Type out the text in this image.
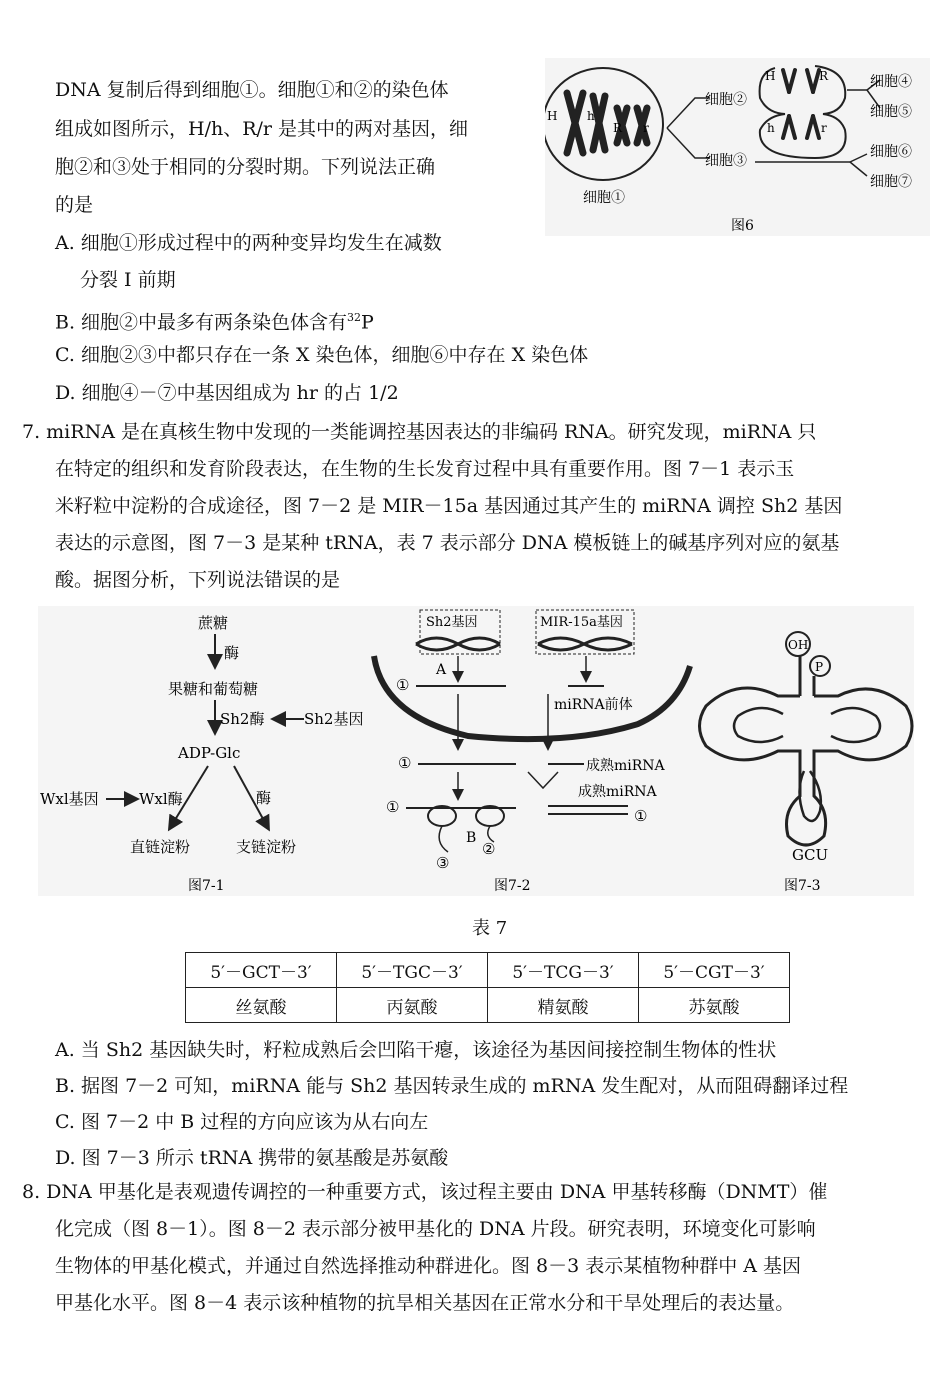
DNA 复制后得到细胞①。细胞①和②的染色体
组成如图所示，H/h、R/r 是其中的两对基因，细
胞②和③处于相同的分裂时期。下列说法正确
的是
A. 细胞①形成过程中的两种变异均发生在减数
分裂 I 前期
B. 细胞②中最多有两条染色体含有$^{32}$P
C. 细胞②③中都只存在一条 X 染色体，细胞⑥中存在 X 染色体
D. 细胞④－⑦中基因组成为 hr 的占 1/2
H h
R r
细胞①
细胞②
细胞③
H	R
h	r
细胞④
细胞⑤
细胞⑥
细胞⑦
图6
7. miRNA 是在真核生物中发现的一类能调控基因表达的非编码 RNA。研究发现，miRNA 只
在特定的组织和发育阶段表达，在生物的生长发育过程中具有重要作用。图 7－1 表示玉
米籽粒中淀粉的合成途径，图 7－2 是 MIR－15a 基因通过其产生的 miRNA 调控 Sh2 基因
表达的示意图，图 7－3 是某种 tRNA，表 7 表示部分 DNA 模板链上的碱基序列对应的氨基
酸。据图分析，下列说法错误的是
蔗糖
酶
果糖和葡萄糖
Sh2酶	Sh2基因
ADP-Glc
酶
Wxl基因	Wxl酶
直链淀粉	支链淀粉
图7-1
Sh2基因	MIR-15a基因
A
①
miRNA前体
①	成熟miRNA
成熟miRNA
①
①
B
③
②
图7-2
OH
P
GCU
图7-3
表 7
5′－GCT－3′	5′－TGC－3′	5′－TCG－3′	5′－CGT－3′
丝氨酸	丙氨酸	精氨酸	苏氨酸
A. 当 Sh2 基因缺失时，籽粒成熟后会凹陷干瘪，该途径为基因间接控制生物体的性状
B. 据图 7－2 可知，miRNA 能与 Sh2 基因转录生成的 mRNA 发生配对，从而阻碍翻译过程
C. 图 7－2 中 B 过程的方向应该为从右向左
D. 图 7－3 所示 tRNA 携带的氨基酸是苏氨酸
8. DNA 甲基化是表观遗传调控的一种重要方式，该过程主要由 DNA 甲基转移酶（DNMT）催
化完成（图 8－1）。图 8－2 表示部分被甲基化的 DNA 片段。研究表明，环境变化可影响
生物体的甲基化模式，并通过自然选择推动种群进化。图 8－3 表示某植物种群中 A 基因
甲基化水平。图 8－4 表示该种植物的抗旱相关基因在正常水分和干旱处理后的表达量。
